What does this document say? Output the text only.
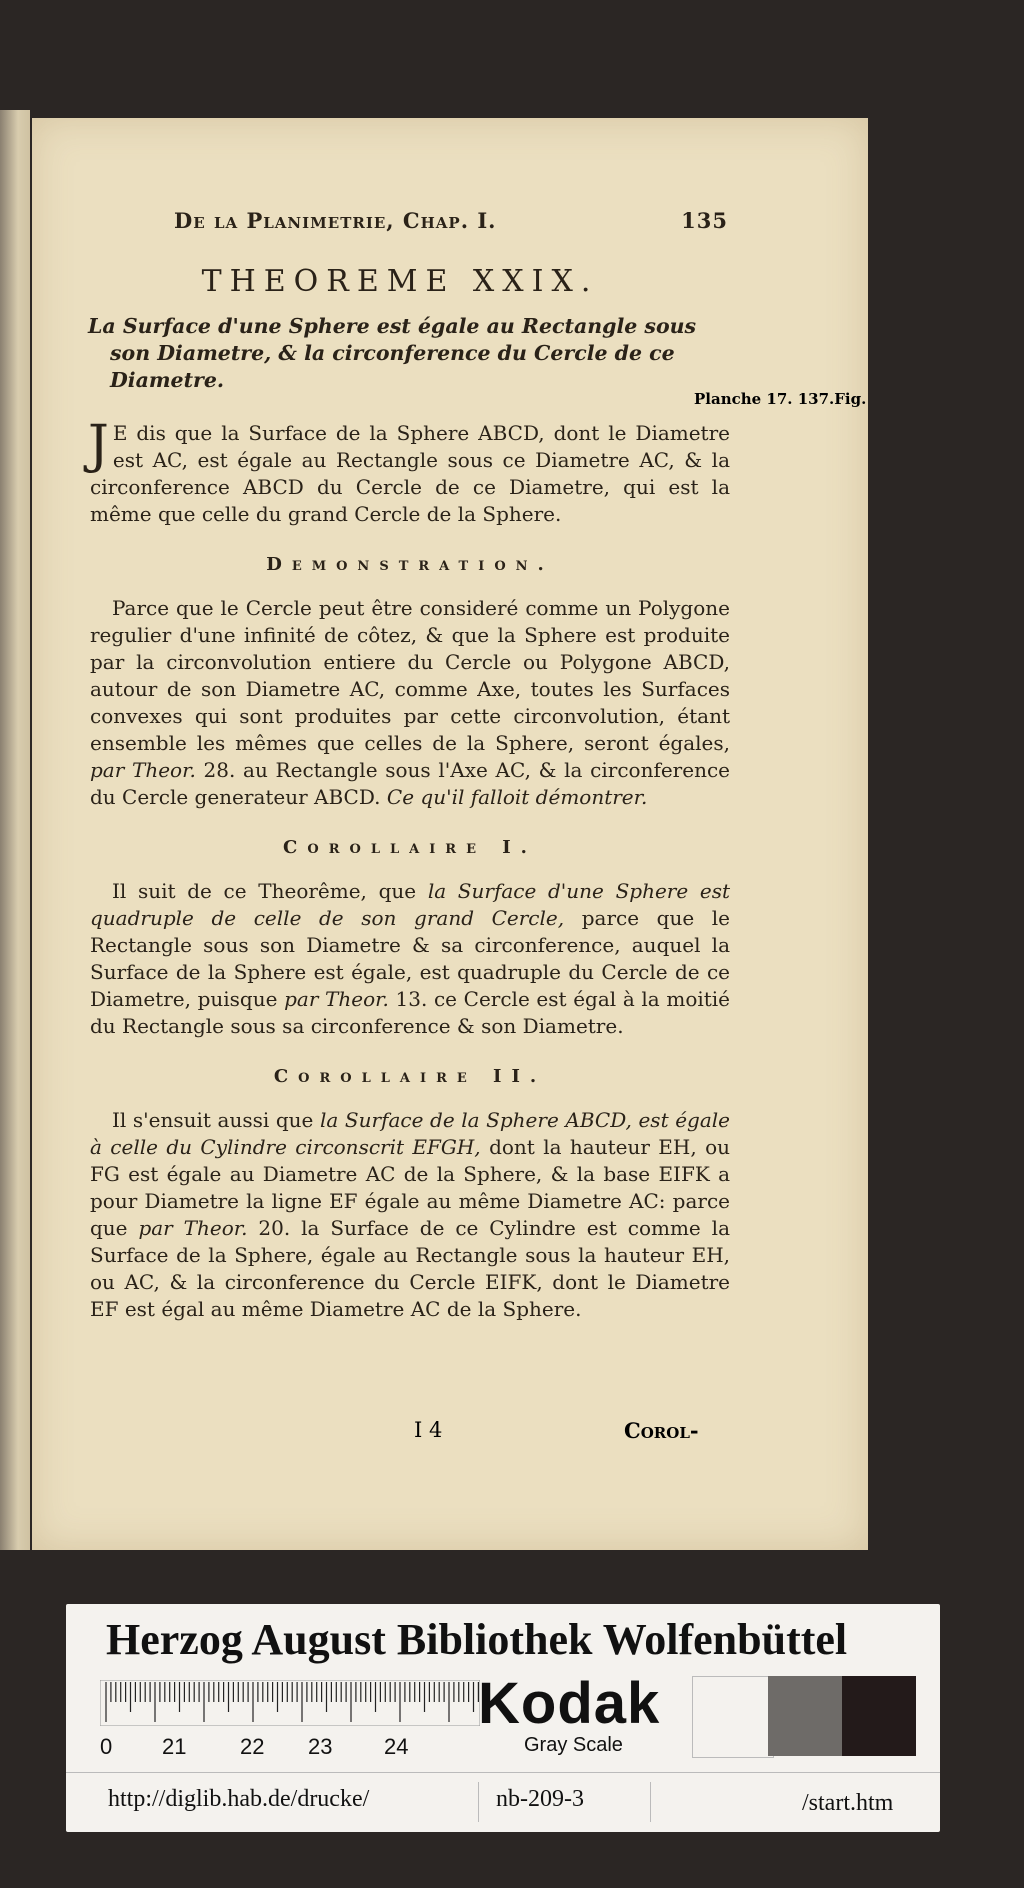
De la Planimetrie, Chap. I.	135
THEOREME XXIX.
La Surface d'une Sphere est égale au Rectangle sous son Diametre, & la circonference du Cercle de ce Diametre.

J E dis que la Surface de la Sphere ABCD, dont le Diametre est AC, est égale au Rectangle sous ce Diametre AC, & la circonference ABCD du Cercle de ce Diametre, qui est la même que celle du grand Cercle de la Sphere.

Demonstration.

Parce que le Cercle peut être consideré comme un Polygone regulier d'une infinité de côtez, & que la Sphere est produite par la circonvolution entiere du Cercle ou Polygone ABCD, autour de son Diametre AC, comme Axe, toutes les Surfaces convexes qui sont produites par cette circonvolution, étant ensemble les mêmes que celles de la Sphere, seront égales, par Theor. 28. au Rectangle sous l'Axe AC, & la circonference du Cercle generateur ABCD. Ce qu'il falloit démontrer.

Corollaire I.

Il suit de ce Theorême, que la Surface d'une Sphere est quadruple de celle de son grand Cercle, parce que le Rectangle sous son Diametre & sa circonference, auquel la Surface de la Sphere est égale, est quadruple du Cercle de ce Diametre, puisque par Theor. 13. ce Cercle est égal à la moitié du Rectangle sous sa circonference & son Diametre.

Corollaire II.

Il s'ensuit aussi que la Surface de la Sphere ABCD, est égale à celle du Cylindre circonscrit EFGH, dont la hauteur EH, ou FG est égale au Diametre AC de la Sphere, & la base EIFK a pour Diametre la ligne EF égale au même Diametre AC: parce que par Theor. 20. la Surface de ce Cylindre est comme la Surface de la Sphere, égale au Rectangle sous la hauteur EH, ou AC, & la circonference du Cercle EIFK, dont le Diametre EF est égal au même Diametre AC de la Sphere.

Planche 17. 137.Fig.
I 4	Corol-
Herzog August Bibliothek Wolfenbüttel
0 21 22 23 24
Kodak
Gray Scale
http://diglib.hab.de/drucke/	nb-209-3	/start.htm
